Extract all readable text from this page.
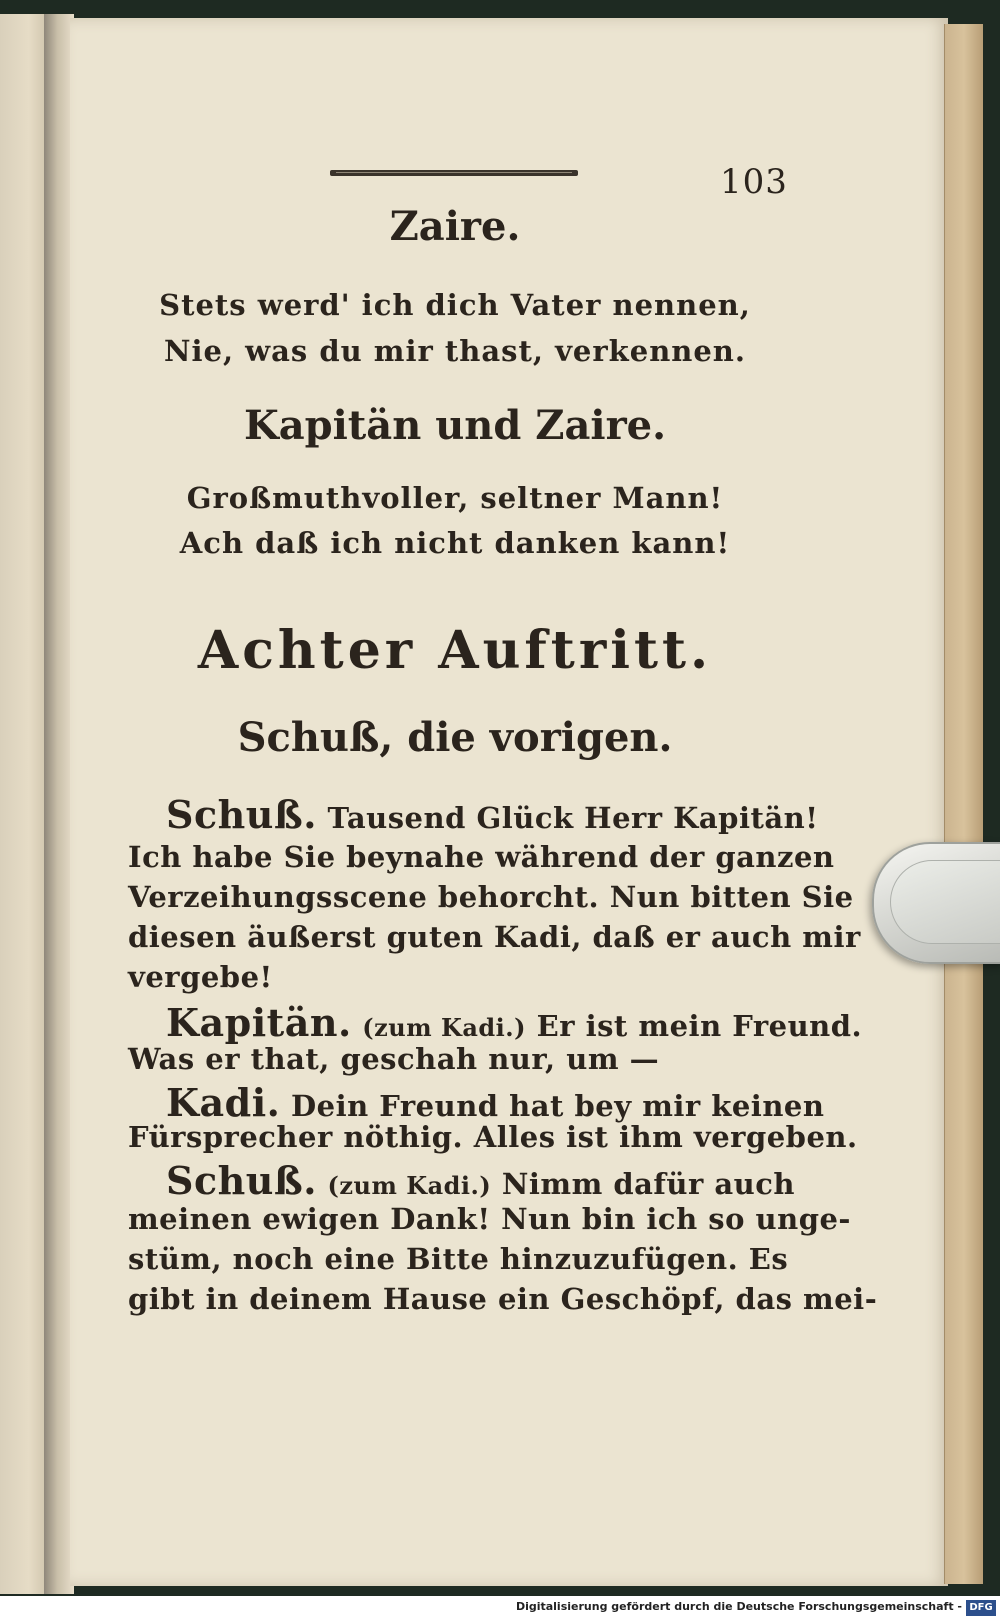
103
Zaire.
Stets werd' ich dich Vater nennen,
Nie, was du mir thast, verkennen.
Kapitän und Zaire.
Großmuthvoller, seltner Mann!
Ach daß ich nicht danken kann!
Achter Auftritt.
Schuß, die vorigen.
Schuß. Tausend Glück Herr Kapitän!
Ich habe Sie beynahe während der ganzen
Verzeihungsscene behorcht. Nun bitten Sie
diesen äußerst guten Kadi, daß er auch mir
vergebe!
Kapitän. (zum Kadi.) Er ist mein Freund.
Was er that, geschah nur, um —
Kadi. Dein Freund hat bey mir keinen
Fürsprecher nöthig. Alles ist ihm vergeben.
Schuß. (zum Kadi.) Nimm dafür auch
meinen ewigen Dank! Nun bin ich so unge-
stüm, noch eine Bitte hinzuzufügen. Es
gibt in deinem Hause ein Geschöpf, das mei-
Digitalisierung gefördert durch die Deutsche Forschungsgemeinschaft - DFG
